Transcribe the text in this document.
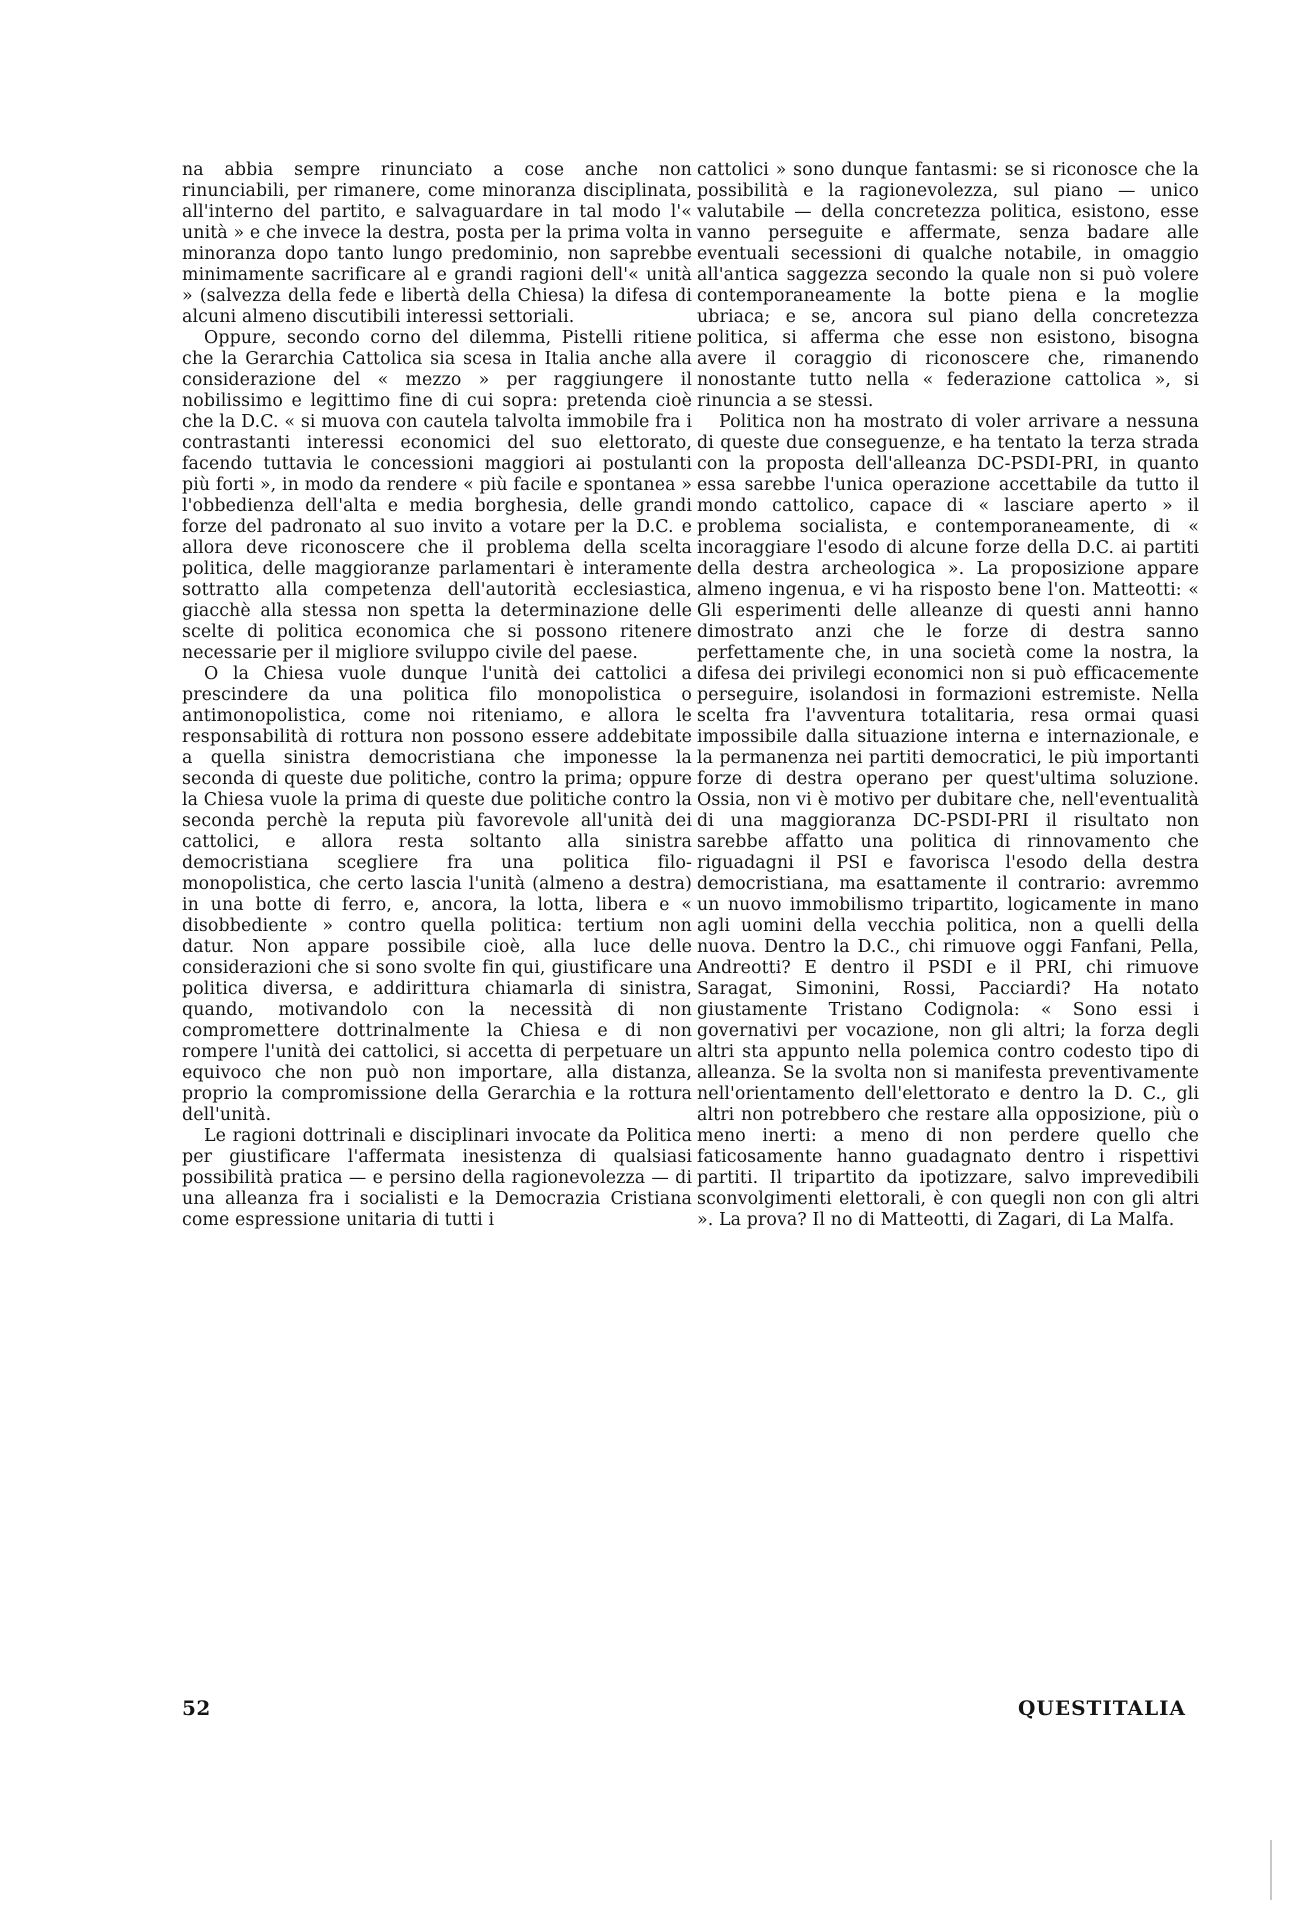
na abbia sempre rinunciato a cose anche non rinunciabili, per rimanere, come minoranza disciplinata, all'interno del partito, e salvaguardare in tal modo l'« unità » e che invece la destra, posta per la prima volta in minoranza dopo tanto lungo predominio, non saprebbe minimamente sacrificare al e grandi ragioni dell'« unità » (salvezza della fede e libertà della Chiesa) la difesa di alcuni almeno discutibili interessi settoriali.

Oppure, secondo corno del dilemma, Pistelli ritiene che la Gerarchia Cattolica sia scesa in Italia anche alla considerazione del « mezzo » per raggiungere il nobilissimo e legittimo fine di cui sopra: pretenda cioè che la D.C. « si muova con cautela talvolta immobile fra i contrastanti interessi economici del suo elettorato, facendo tuttavia le concessioni maggiori ai postulanti più forti », in modo da rendere « più facile e spontanea » l'obbedienza dell'alta e media borghesia, delle grandi forze del padronato al suo invito a votare per la D.C. e allora deve riconoscere che il problema della scelta politica, delle maggioranze parlamentari è interamente sottratto alla competenza dell'autorità ecclesiastica, giacchè alla stessa non spetta la determinazione delle scelte di politica economica che si possono ritenere necessarie per il migliore sviluppo civile del paese.

O la Chiesa vuole dunque l'unità dei cattolici a prescindere da una politica filo monopolistica o antimonopolistica, come noi riteniamo, e allora le responsabilità di rottura non possono essere addebitate a quella sinistra democristiana che imponesse la seconda di queste due politiche, contro la prima; oppure la Chiesa vuole la prima di queste due politiche contro la seconda perchè la reputa più favorevole all'unità dei cattolici, e allora resta soltanto alla sinistra democristiana scegliere fra una politica filo-monopolistica, che certo lascia l'unità (almeno a destra) in una botte di ferro, e, ancora, la lotta, libera e « disobbediente » contro quella politica: tertium non datur. Non appare possibile cioè, alla luce delle considerazioni che si sono svolte fin qui, giustificare una politica diversa, e addirittura chiamarla di sinistra, quando, motivandolo con la necessità di non compromettere dottrinalmente la Chiesa e di non rompere l'unità dei cattolici, si accetta di perpetuare un equivoco che non può non importare, alla distanza, proprio la compromissione della Gerarchia e la rottura dell'unità.

Le ragioni dottrinali e disciplinari invocate da Politica per giustificare l'affermata inesistenza di qualsiasi possibilità pratica — e persino della ragionevolezza — di una alleanza fra i socialisti e la Democrazia Cristiana come espressione unitaria di tutti i

cattolici » sono dunque fantasmi: se si riconosce che la possibilità e la ragionevolezza, sul piano — unico valutabile — della concretezza politica, esistono, esse vanno perseguite e affermate, senza badare alle eventuali secessioni di qualche notabile, in omaggio all'antica saggezza secondo la quale non si può volere contemporaneamente la botte piena e la moglie ubriaca; e se, ancora sul piano della concretezza politica, si afferma che esse non esistono, bisogna avere il coraggio di riconoscere che, rimanendo nonostante tutto nella « federazione cattolica », si rinuncia a se stessi.

Politica non ha mostrato di voler arrivare a nessuna di queste due conseguenze, e ha tentato la terza strada con la proposta dell'alleanza DC-PSDI-PRI, in quanto essa sarebbe l'unica operazione accettabile da tutto il mondo cattolico, capace di « lasciare aperto » il problema socialista, e contemporaneamente, di « incoraggiare l'esodo di alcune forze della D.C. ai partiti della destra archeologica ». La proposizione appare almeno ingenua, e vi ha risposto bene l'on. Matteotti: « Gli esperimenti delle alleanze di questi anni hanno dimostrato anzi che le forze di destra sanno perfettamente che, in una società come la nostra, la difesa dei privilegi economici non si può efficacemente perseguire, isolandosi in formazioni estremiste. Nella scelta fra l'avventura totalitaria, resa ormai quasi impossibile dalla situazione interna e internazionale, e la permanenza nei partiti democratici, le più importanti forze di destra operano per quest'ultima soluzione. Ossia, non vi è motivo per dubitare che, nell'eventualità di una maggioranza DC-PSDI-PRI il risultato non sarebbe affatto una politica di rinnovamento che riguadagni il PSI e favorisca l'esodo della destra democristiana, ma esattamente il contrario: avremmo un nuovo immobilismo tripartito, logicamente in mano agli uomini della vecchia politica, non a quelli della nuova. Dentro la D.C., chi rimuove oggi Fanfani, Pella, Andreotti? E dentro il PSDI e il PRI, chi rimuove Saragat, Simonini, Rossi, Pacciardi? Ha notato giustamente Tristano Codignola: « Sono essi i governativi per vocazione, non gli altri; la forza degli altri sta appunto nella polemica contro codesto tipo di alleanza. Se la svolta non si manifesta preventivamente nell'orientamento dell'elettorato e dentro la D. C., gli altri non potrebbero che restare alla opposizione, più o meno inerti: a meno di non perdere quello che faticosamente hanno guadagnato dentro i rispettivi partiti. Il tripartito da ipotizzare, salvo imprevedibili sconvolgimenti elettorali, è con quegli non con gli altri ». La prova? Il no di Matteotti, di Zagari, di La Malfa.

52	QUESTITALIA
